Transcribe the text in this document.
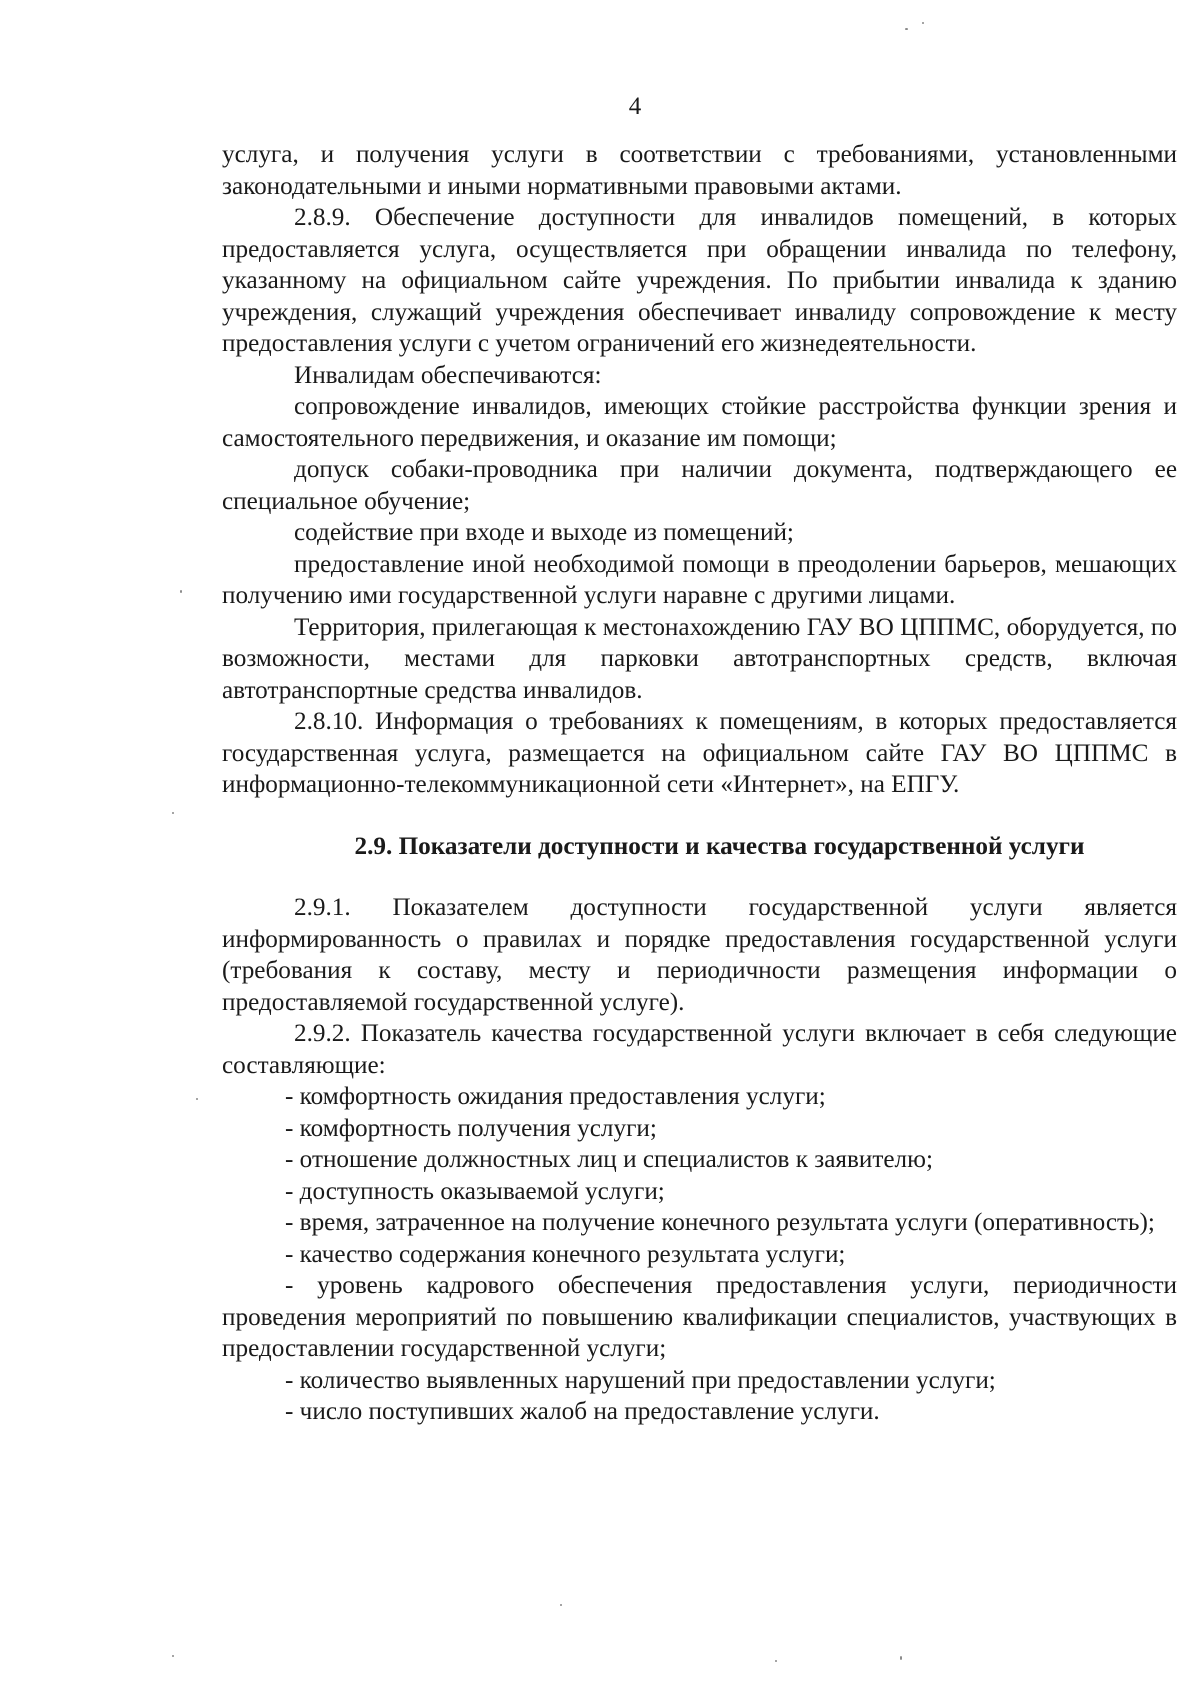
4

услуга, и получения услуги в соответствии с требованиями, установленными законодательными и иными нормативными правовыми актами.

2.8.9. Обеспечение доступности для инвалидов помещений, в которых предоставляется услуга, осуществляется при обращении инвалида по телефону, указанному на официальном сайте учреждения. По прибытии инвалида к зданию учреждения, служащий учреждения обеспечивает инвалиду сопровождение к месту предоставления услуги с учетом ограничений его жизнедеятельности.

Инвалидам обеспечиваются:

сопровождение инвалидов, имеющих стойкие расстройства функции зрения и самостоятельного передвижения, и оказание им помощи;

допуск собаки-проводника при наличии документа, подтверждающего ее специальное обучение;

содействие при входе и выходе из помещений;

предоставление иной необходимой помощи в преодолении барьеров, мешающих получению ими государственной услуги наравне с другими лицами.

Территория, прилегающая к местонахождению ГАУ ВО ЦППМС, оборудуется, по возможности, местами для парковки автотранспортных средств, включая автотранспортные средства инвалидов.

2.8.10. Информация о требованиях к помещениям, в которых предоставляется государственная услуга, размещается на официальном сайте ГАУ ВО ЦППМС в информационно-телекоммуникационной сети «Интернет», на ЕПГУ.

2.9. Показатели доступности и качества государственной услуги

2.9.1. Показателем доступности государственной услуги является информированность о правилах и порядке предоставления государственной услуги (требования к составу, месту и периодичности размещения информации о предоставляемой государственной услуге).

2.9.2. Показатель качества государственной услуги включает в себя следующие составляющие:

- комфортность ожидания предоставления услуги;

- комфортность получения услуги;

- отношение должностных лиц и специалистов к заявителю;

- доступность оказываемой услуги;

- время, затраченное на получение конечного результата услуги (оперативность);

- качество содержания конечного результата услуги;

- уровень кадрового обеспечения предоставления услуги, периодичности проведения мероприятий по повышению квалификации специалистов, участвующих в предоставлении государственной услуги;

- количество выявленных нарушений при предоставлении услуги;

- число поступивших жалоб на предоставление услуги.
